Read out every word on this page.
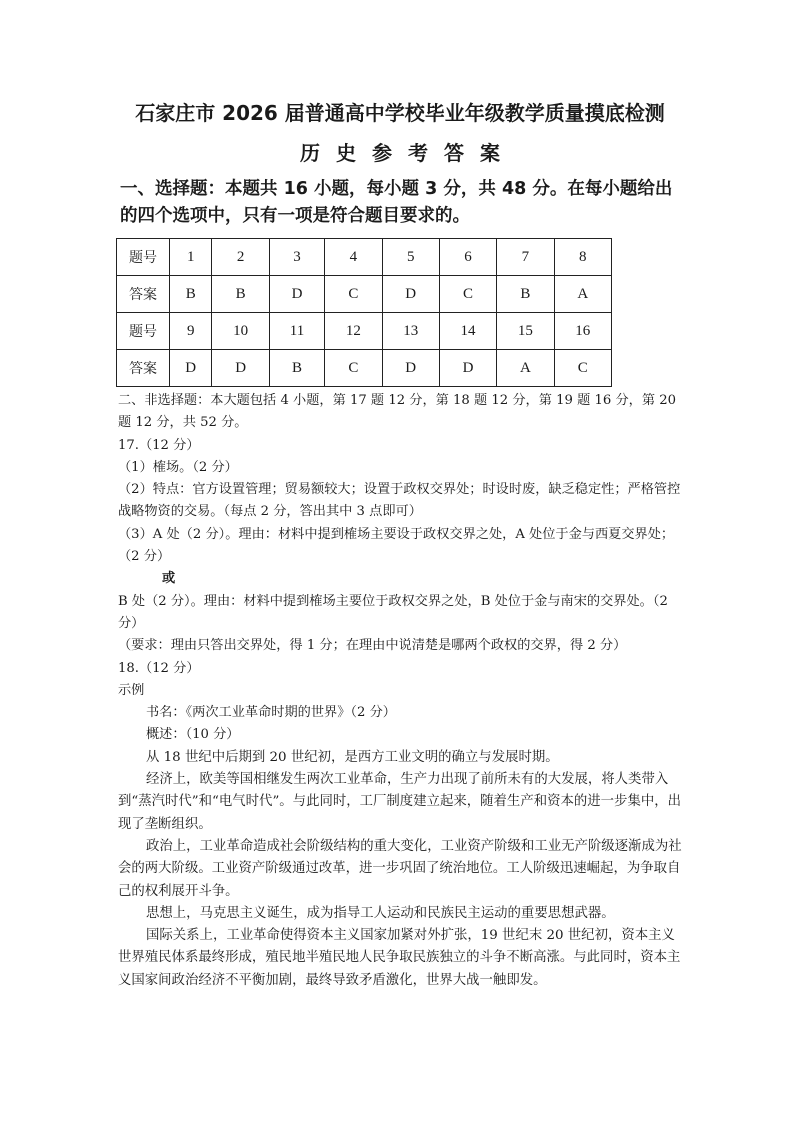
石家庄市 2026 届普通高中学校毕业年级教学质量摸底检测
历史参考答案
一、选择题：本题共 16 小题，每小题 3 分，共 48 分。在每小题给出的四个选项中，只有一项是符合题目要求的。
题号	1	2	3	4	5	6	7	8
答案	B	B	D	C	D	C	B	A
题号	9	10	11	12	13	14	15	16
答案	D	D	B	C	D	D	A	C

二、非选择题：本大题包括 4 小题，第 17 题 12 分，第 18 题 12 分，第 19 题 16 分，第 20 题 12 分，共 52 分。

17.（12 分）

（1）榷场。（2 分）

（2）特点：官方设置管理；贸易额较大；设置于政权交界处；时设时废，缺乏稳定性；严格管控战略物资的交易。（每点 2 分，答出其中 3 点即可）

（3）A 处（2 分）。理由：材料中提到榷场主要设于政权交界之处，A 处位于金与西夏交界处；（2 分）

或

B 处（2 分）。理由：材料中提到榷场主要位于政权交界之处，B 处位于金与南宋的交界处。（2 分）

（要求：理由只答出交界处，得 1 分；在理由中说清楚是哪两个政权的交界，得 2 分）

18.（12 分）

示例

书名：《两次工业革命时期的世界》（2 分）

概述：（10 分）

从 18 世纪中后期到 20 世纪初，是西方工业文明的确立与发展时期。

经济上，欧美等国相继发生两次工业革命，生产力出现了前所未有的大发展，将人类带入到“蒸汽时代”和“电气时代”。与此同时，工厂制度建立起来，随着生产和资本的进一步集中，出现了垄断组织。

政治上，工业革命造成社会阶级结构的重大变化，工业资产阶级和工业无产阶级逐渐成为社会的两大阶级。工业资产阶级通过改革，进一步巩固了统治地位。工人阶级迅速崛起，为争取自己的权利展开斗争。

思想上，马克思主义诞生，成为指导工人运动和民族民主运动的重要思想武器。

国际关系上，工业革命使得资本主义国家加紧对外扩张，19 世纪末 20 世纪初，资本主义世界殖民体系最终形成，殖民地半殖民地人民争取民族独立的斗争不断高涨。与此同时，资本主义国家间政治经济不平衡加剧，最终导致矛盾激化，世界大战一触即发。
